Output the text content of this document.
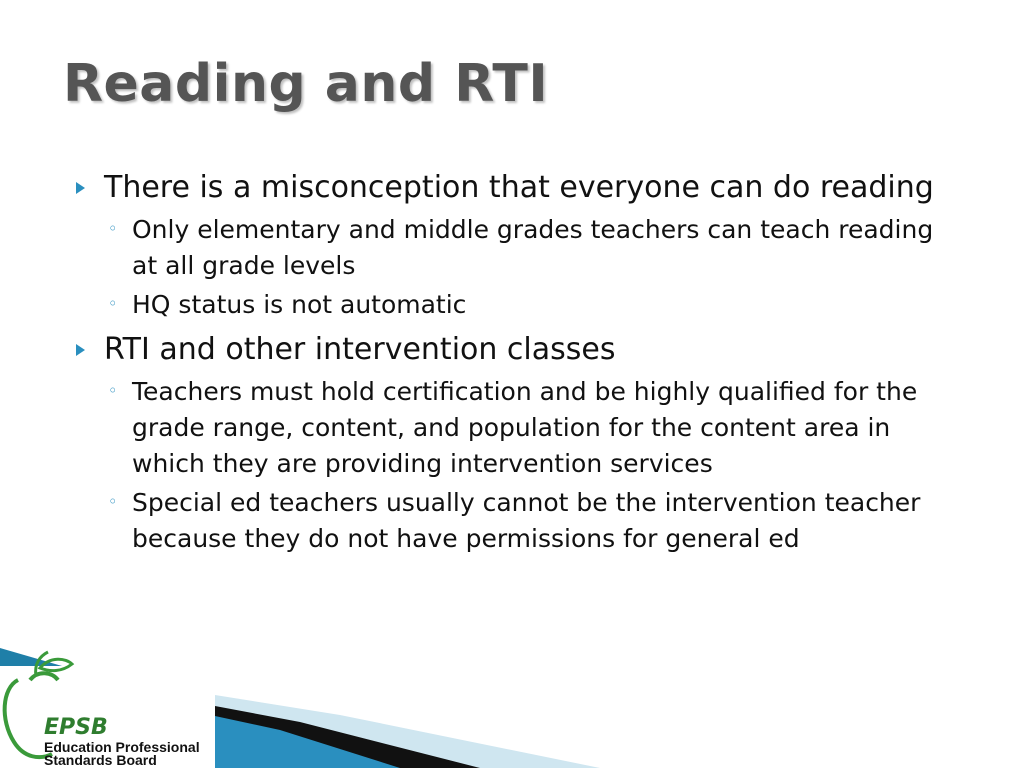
Reading and RTI
There is a misconception that everyone can do reading
◦ Only elementary and middle grades teachers can teach reading at all grade levels
◦ HQ status is not automatic
RTI and other intervention classes
◦ Teachers must hold certification and be highly qualified for the grade range, content, and population for the content area in which they are providing intervention services
◦ Special ed teachers usually cannot be the intervention teacher because they do not have permissions for general ed
EPSB
Education Professional
Standards Board
